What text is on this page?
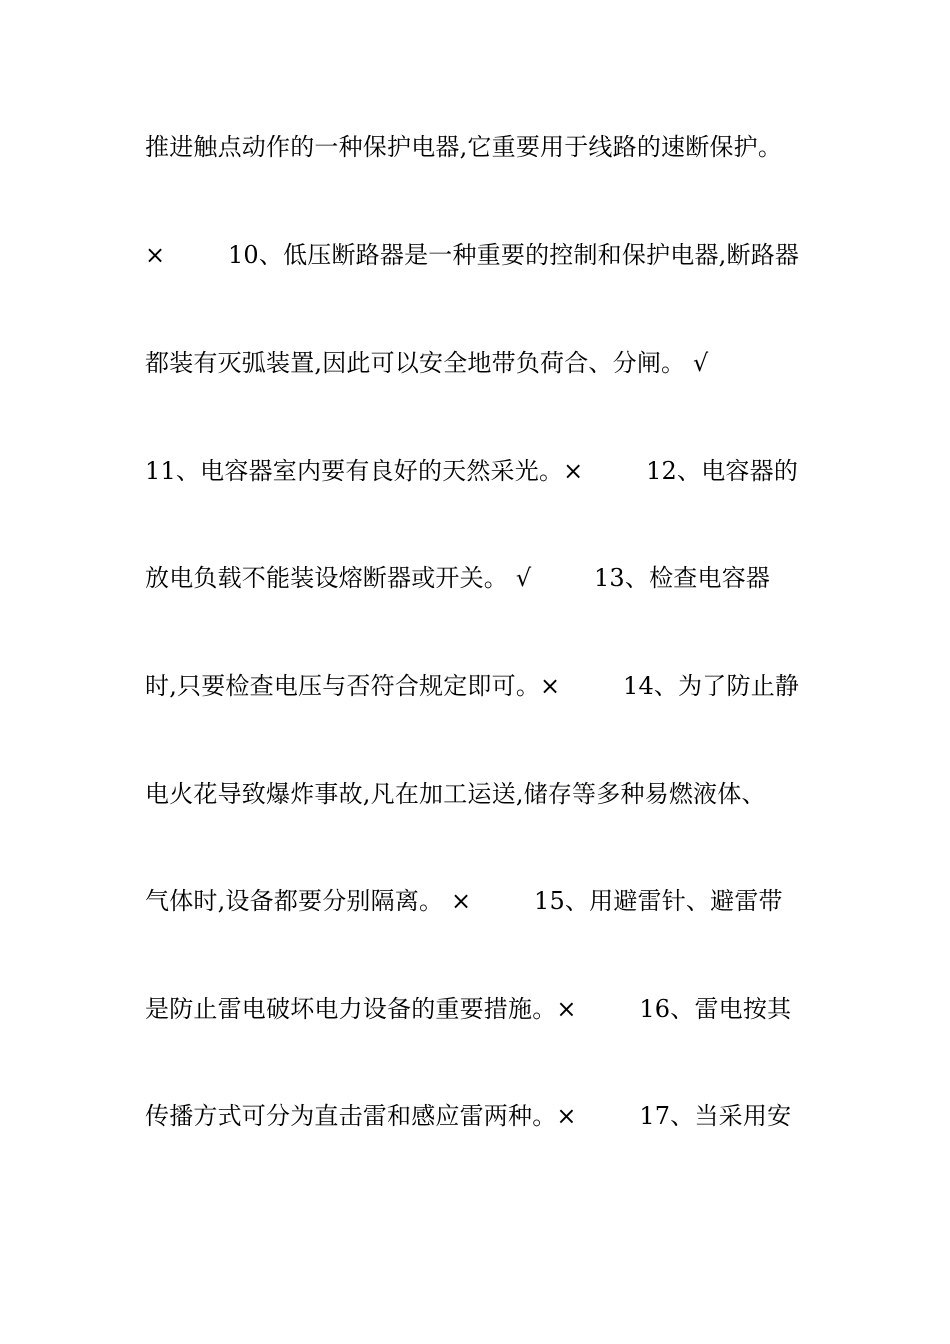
推进触点动作的一种保护电器,它重要用于线路的速断保护。
×        10、低压断路器是一种重要的控制和保护电器,断路器
都装有灭弧装置,因此可以安全地带负荷合、分闸。 √
11、电容器室内要有良好的天然采光。×        12、电容器的
放电负载不能装设熔断器或开关。 √        13、检查电容器
时,只要检查电压与否符合规定即可。×        14、为了防止静
电火花导致爆炸事故,凡在加工运送,储存等多种易燃液体、
气体时,设备都要分别隔离。 ×        15、用避雷针、避雷带
是防止雷电破坏电力设备的重要措施。×        16、雷电按其
传播方式可分为直击雷和感应雷两种。×        17、当采用安
